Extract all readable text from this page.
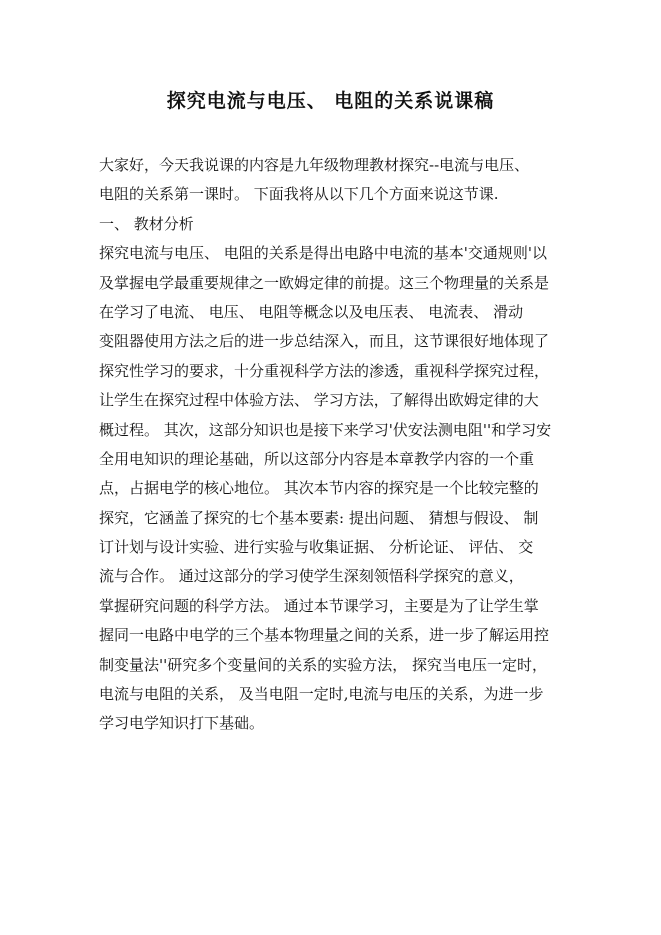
探究电流与电压、 电阻的关系说课稿
大家好，今天我说课的内容是九年级物理教材探究--电流与电压、
电阻的关系第一课时。 下面我将从以下几个方面来说这节课.
一、 教材分析
探究电流与电压、 电阻的关系是得出电路中电流的基本'交通规则'以
及掌握电学最重要规律之一欧姆定律的前提。这三个物理量的关系是
在学习了电流、 电压、 电阻等概念以及电压表、 电流表、 滑动
变阻器使用方法之后的进一步总结深入，而且，这节课很好地体现了
探究性学习的要求，十分重视科学方法的渗透，重视科学探究过程，
让学生在探究过程中体验方法、 学习方法，了解得出欧姆定律的大
概过程。 其次，这部分知识也是接下来学习'伏安法测电阻''和学习安
全用电知识的理论基础，所以这部分内容是本章教学内容的一个重
点，占据电学的核心地位。 其次本节内容的探究是一个比较完整的
探究，它涵盖了探究的七个基本要素: 提出问题、 猜想与假设、 制
订计划与设计实验、进行实验与收集证据、 分析论证、 评估、 交
流与合作。 通过这部分的学习使学生深刻领悟科学探究的意义，
掌握研究问题的科学方法。 通过本节课学习，主要是为了让学生掌
握同一电路中电学的三个基本物理量之间的关系，进一步了解运用控
制变量法''研究多个变量间的关系的实验方法， 探究当电压一定时，
电流与电阻的关系， 及当电阻一定时,电流与电压的关系，为进一步
学习电学知识打下基础。
